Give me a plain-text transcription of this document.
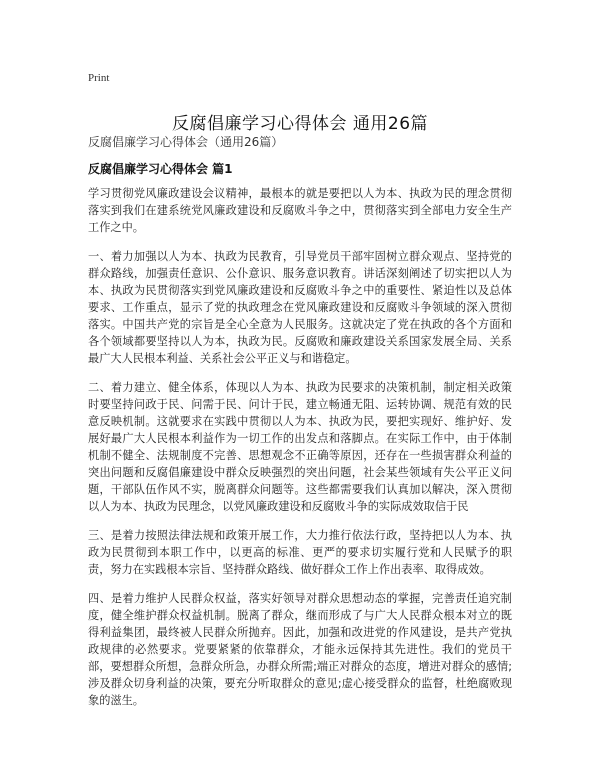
Print
反腐倡廉学习心得体会 通用26篇
反腐倡廉学习心得体会（通用26篇）
反腐倡廉学习心得体会 篇1

学习贯彻党风廉政建设会议精神，最根本的就是要把以人为本、执政为民的理念贯彻落实到我们在建系统党风廉政建设和反腐败斗争之中，贯彻落实到全部电力安全生产工作之中。

一、着力加强以人为本、执政为民教育，引导党员干部牢固树立群众观点、坚持党的群众路线，加强责任意识、公仆意识、服务意识教育。讲话深刻阐述了切实把以人为本、执政为民贯彻落实到党风廉政建设和反腐败斗争之中的重要性、紧迫性以及总体要求、工作重点，显示了党的执政理念在党风廉政建设和反腐败斗争领域的深入贯彻落实。中国共产党的宗旨是全心全意为人民服务。这就决定了党在执政的各个方面和各个领域都要坚持以人为本，执政为民。反腐败和廉政建设关系国家发展全局、关系最广大人民根本利益、关系社会公平正义与和谐稳定。

二、着力建立、健全体系，体现以人为本、执政为民要求的决策机制，制定相关政策时要坚持问政于民、问需于民、问计于民，建立畅通无阻、运转协调、规范有效的民意反映机制。这就要求在实践中贯彻以人为本、执政为民，要把实现好、维护好、发展好最广大人民根本利益作为一切工作的出发点和落脚点。在实际工作中，由于体制机制不健全、法规制度不完善、思想观念不正确等原因，还存在一些损害群众利益的突出问题和反腐倡廉建设中群众反映强烈的突出问题，社会某些领域有失公平正义问题，干部队伍作风不实，脱离群众问题等。这些都需要我们认真加以解决，深入贯彻以人为本、执政为民理念，以党风廉政建设和反腐败斗争的实际成效取信于民

三、是着力按照法律法规和政策开展工作，大力推行依法行政，坚持把以人为本、执政为民贯彻到本职工作中，以更高的标准、更严的要求切实履行党和人民赋予的职责，努力在实践根本宗旨、坚持群众路线、做好群众工作上作出表率、取得成效。

四、是着力维护人民群众权益，落实好领导对群众思想动态的掌握，完善责任追究制度，健全维护群众权益机制。脱离了群众，继而形成了与广大人民群众根本对立的既得利益集团，最终被人民群众所抛弃。因此，加强和改进党的作风建设，是共产党执政规律的必然要求。党要紧紧的依靠群众，才能永远保持其先进性。我们的党员干部，要想群众所想，急群众所急，办群众所需;端正对群众的态度，增进对群众的感情;涉及群众切身利益的决策，要充分听取群众的意见;虚心接受群众的监督，杜绝腐败现象的滋生。
